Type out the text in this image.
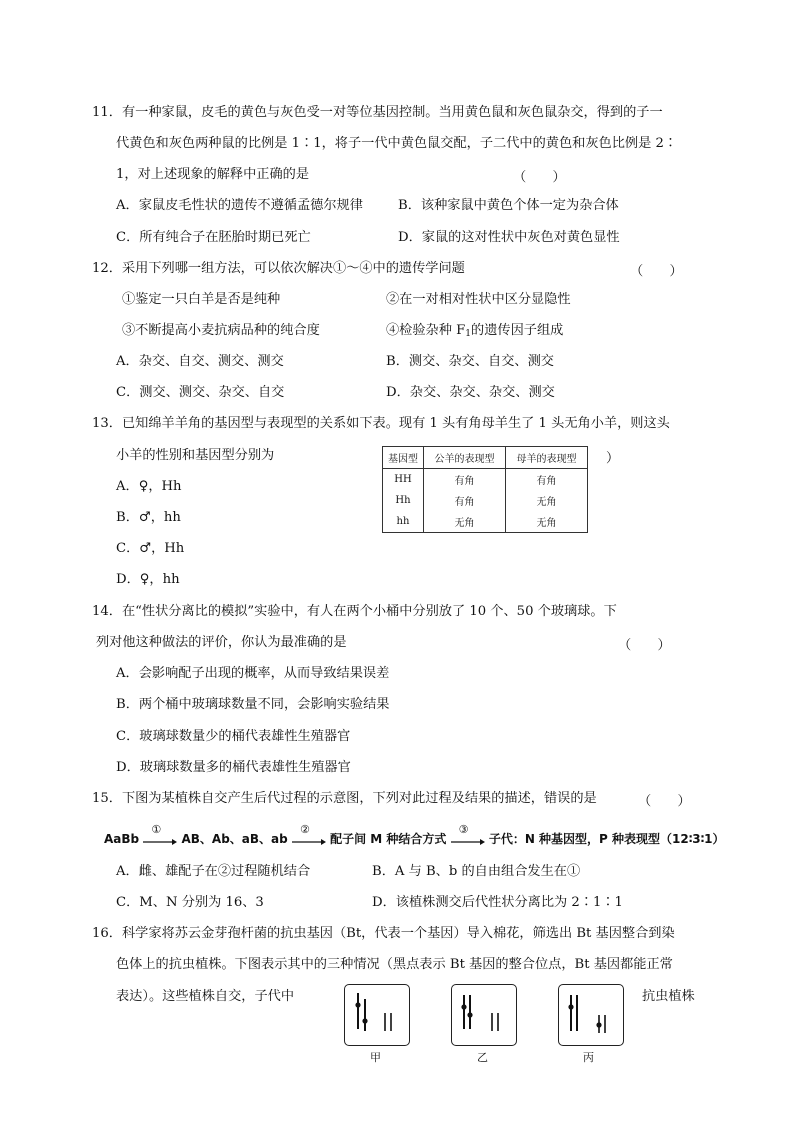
11．有一种家鼠，皮毛的黄色与灰色受一对等位基因控制。当用黄色鼠和灰色鼠杂交，得到的子一
代黄色和灰色两种鼠的比例是 1∶1，将子一代中黄色鼠交配，子二代中的黄色和灰色比例是 2∶
1，对上述现象的解释中正确的是	（　　）
A．家鼠皮毛性状的遗传不遵循孟德尔规律	B．该种家鼠中黄色个体一定为杂合体
C．所有纯合子在胚胎时期已死亡	D．家鼠的这对性状中灰色对黄色显性
12．采用下列哪一组方法，可以依次解决①～④中的遗传学问题	（　　）
①鉴定一只白羊是否是纯种	②在一对相对性状中区分显隐性
③不断提高小麦抗病品种的纯合度	④检验杂种 $F_1$的遗传因子组成
A．杂交、自交、测交、测交	B．测交、杂交、自交、测交
C．测交、测交、杂交、自交	D．杂交、杂交、杂交、测交
13．已知绵羊羊角的基因型与表现型的关系如下表。现有 1 头有角母羊生了 1 头无角小羊，则这头
小羊的性别和基因型分别为	）
A．♀，Hh
B．♂，hh
C．♂，Hh
D．♀，hh
基因型	公羊的表现型	母羊的表现型
HH	有角	有角
Hh	有角	无角
hh	无角	无角
14．在“性状分离比的模拟”实验中，有人在两个小桶中分别放了 10 个、50 个玻璃球。下
列对他这种做法的评价，你认为最准确的是	（　　）
A．会影响配子出现的概率，从而导致结果误差
B．两个桶中玻璃球数量不同，会影响实验结果
C．玻璃球数量少的桶代表雄性生殖器官
D．玻璃球数量多的桶代表雄性生殖器官
15．下图为某植株自交产生后代过程的示意图，下列对此过程及结果的描述，错误的是	（　　）
AaBb
①
AB、Ab、aB、ab
②
配子间 M 种结合方式
③
子代：N 种基因型，P 种表现型（12∶3∶1）
A．雌、雄配子在②过程随机结合	B．A 与 B、b 的自由组合发生在①
C．M、N 分别为 16、3	D．该植株测交后代性状分离比为 2∶1∶1
16．科学家将苏云金芽孢杆菌的抗虫基因（Bt，代表一个基因）导入棉花，筛选出 Bt 基因整合到染
色体上的抗虫植株。下图表示其中的三种情况（黑点表示 Bt 基因的整合位点，Bt 基因都能正常
表达）。这些植株自交，子代中	抗虫植株
甲	乙	丙
